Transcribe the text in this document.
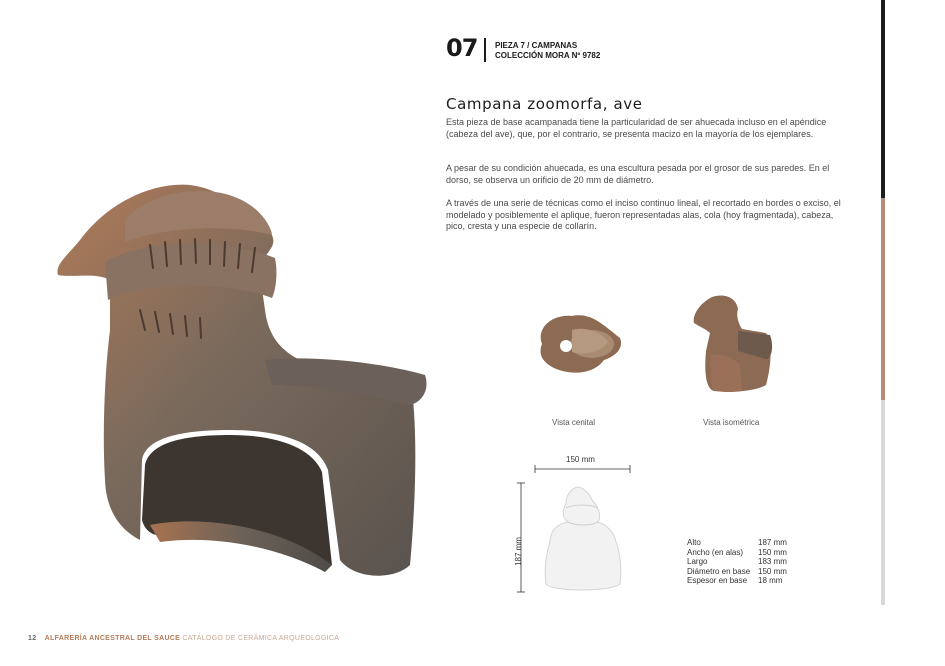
07 PIEZA 7 / CAMPANAS
COLECCIÓN MORA Nº 9782
Campana zoomorfa, ave

Esta pieza de base acampanada tiene la particularidad de ser ahuecada incluso en el apéndice (cabeza del ave), que, por el contrario, se presenta macizo en la mayoría de los ejemplares.

A pesar de su condición ahuecada, es una escultura pesada por el grosor de sus paredes. En el dorso, se observa un orificio de 20 mm de diámetro.

A través de una serie de técnicas como el inciso continuo lineal, el recortado en bordes o exciso, el modelado y posiblemente el aplique, fueron representadas alas, cola (hoy fragmentada), cabeza, pico, cresta y una especie de collarín.

Vista cenital	Vista isométrica
150 mm
187 mm	Alto	187 mm
Ancho (en alas)	150 mm
Largo	183 mm
Diámetro en base 150 mm
Espesor en base	18 mm
12 ALFARERÍA ANCESTRAL DEL SAUCE CATÁLOGO DE CERÁMICA ARQUEOLÓGICA
